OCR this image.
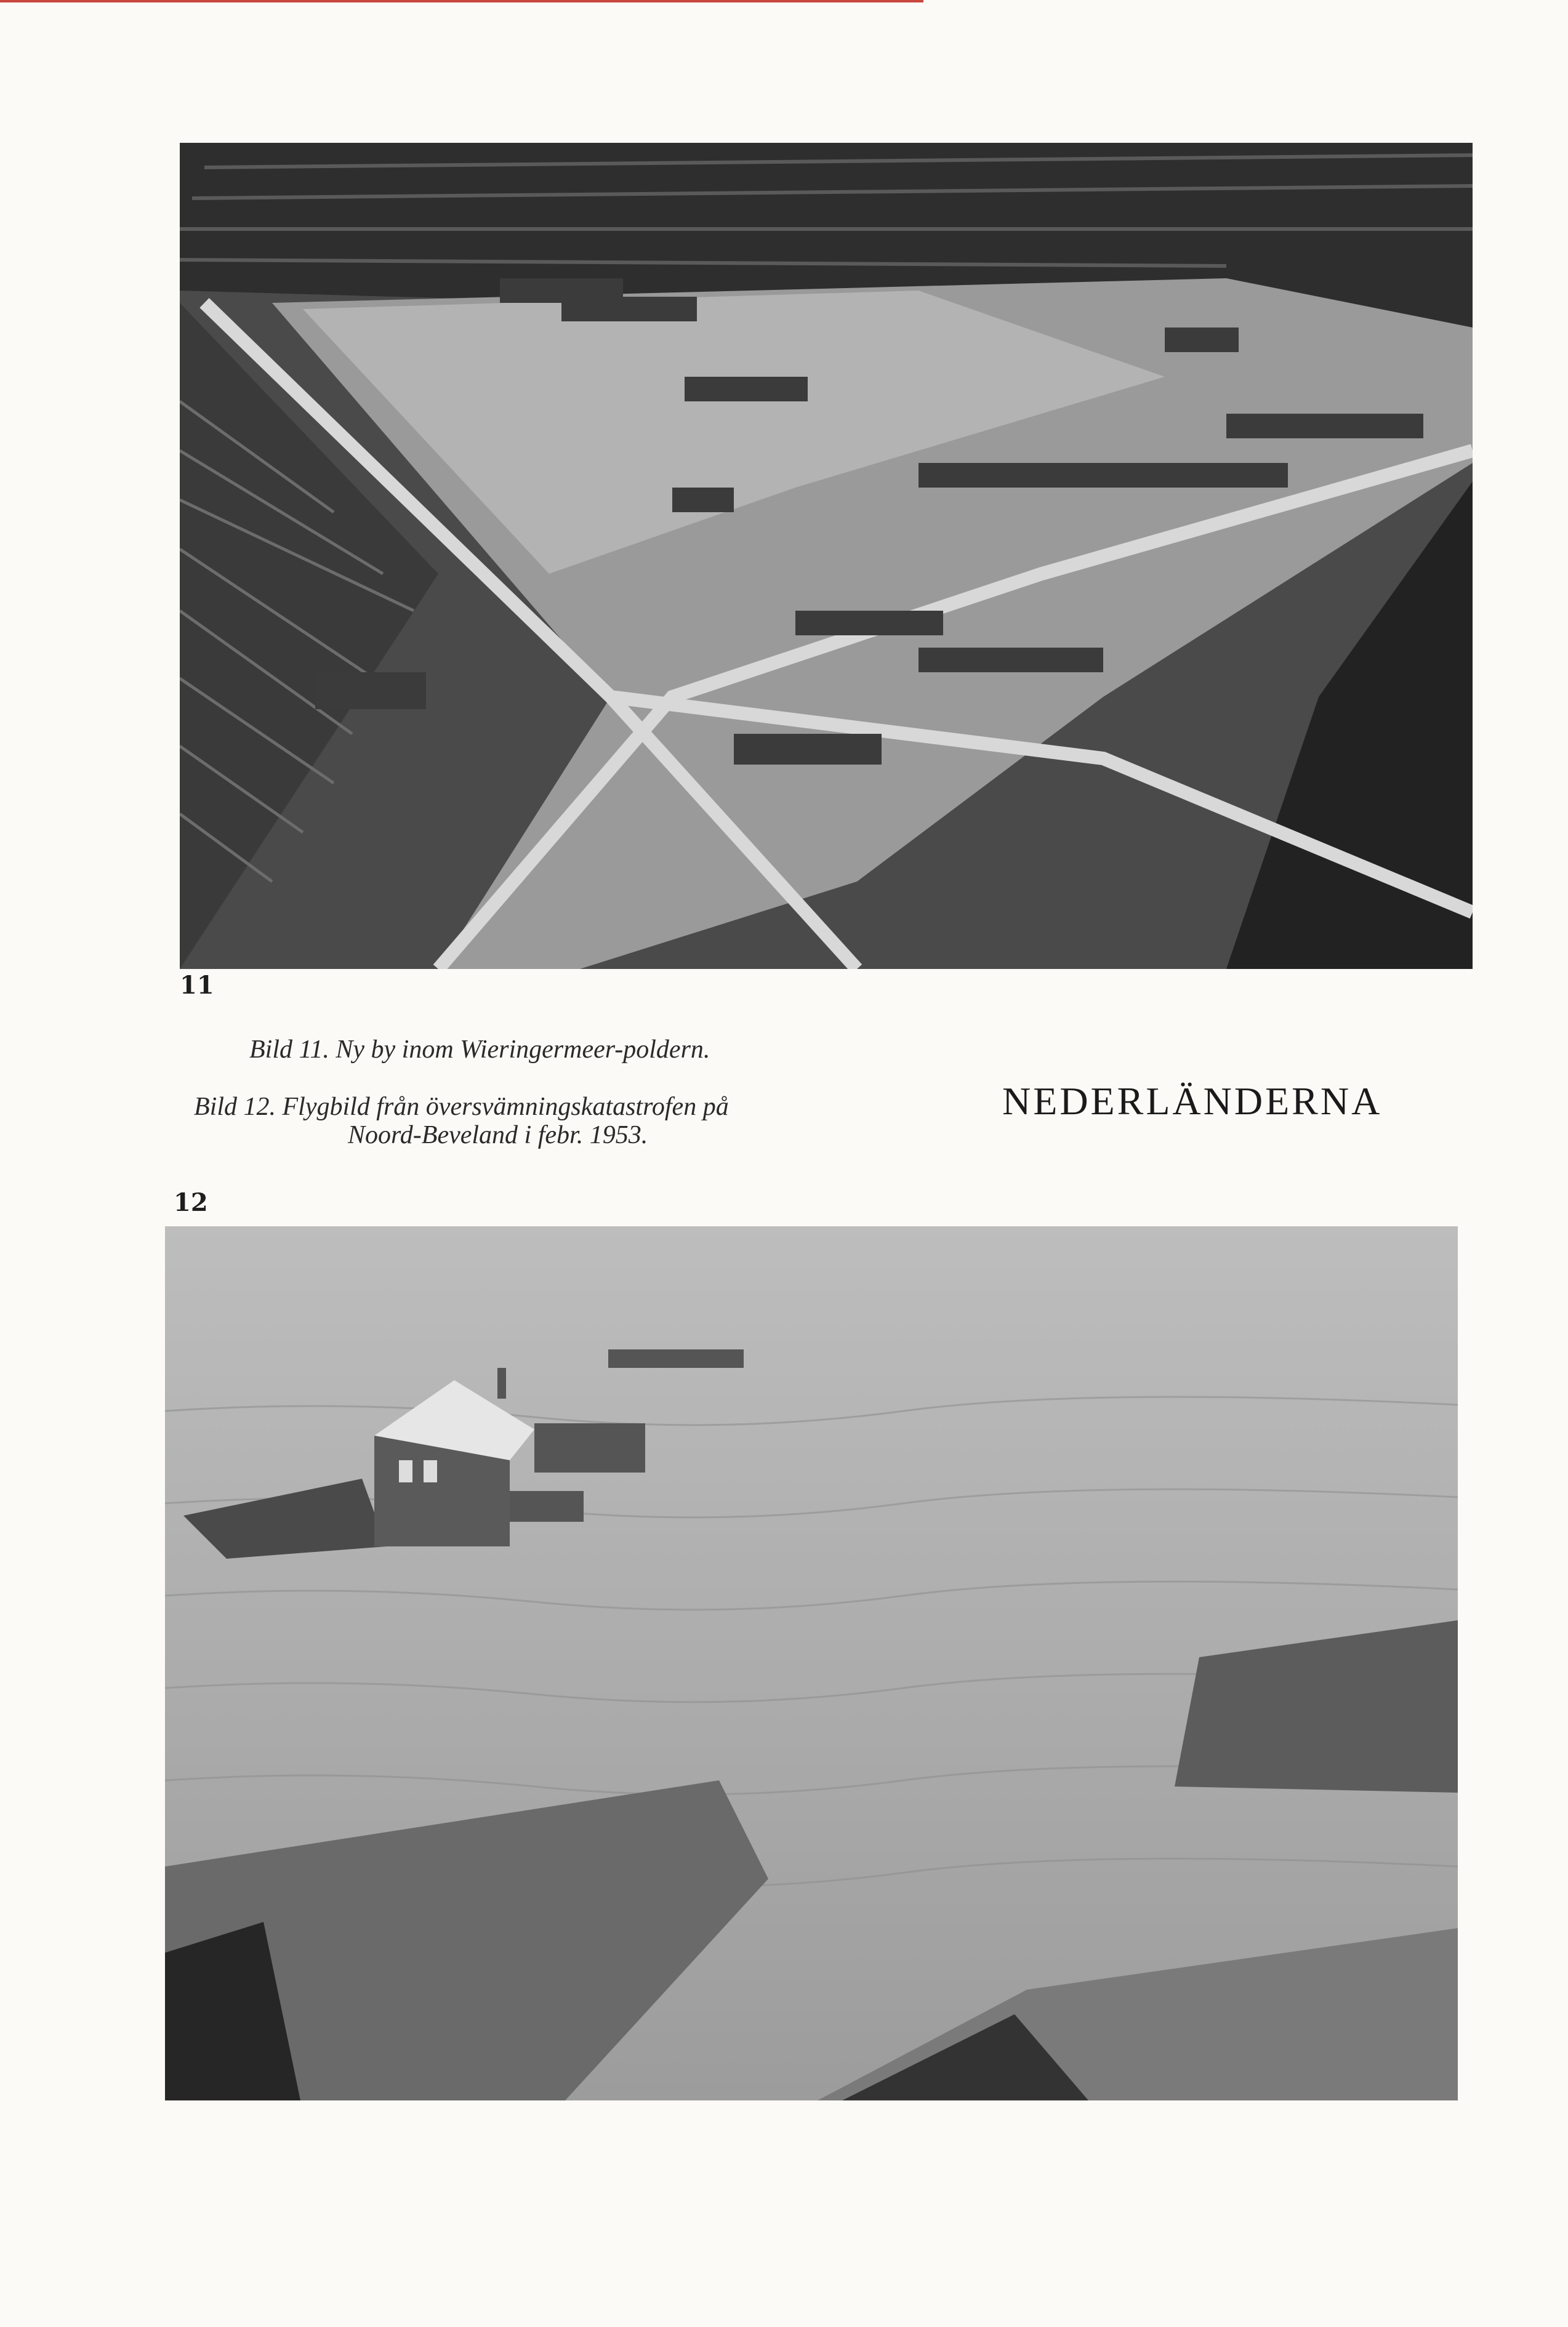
11
Bild 11. Ny by inom Wieringermeer-poldern.
Bild 12. Flygbild från översvämningskatastrofen på
Noord-Beveland i febr. 1953.
NEDERLÄNDERNA
12
